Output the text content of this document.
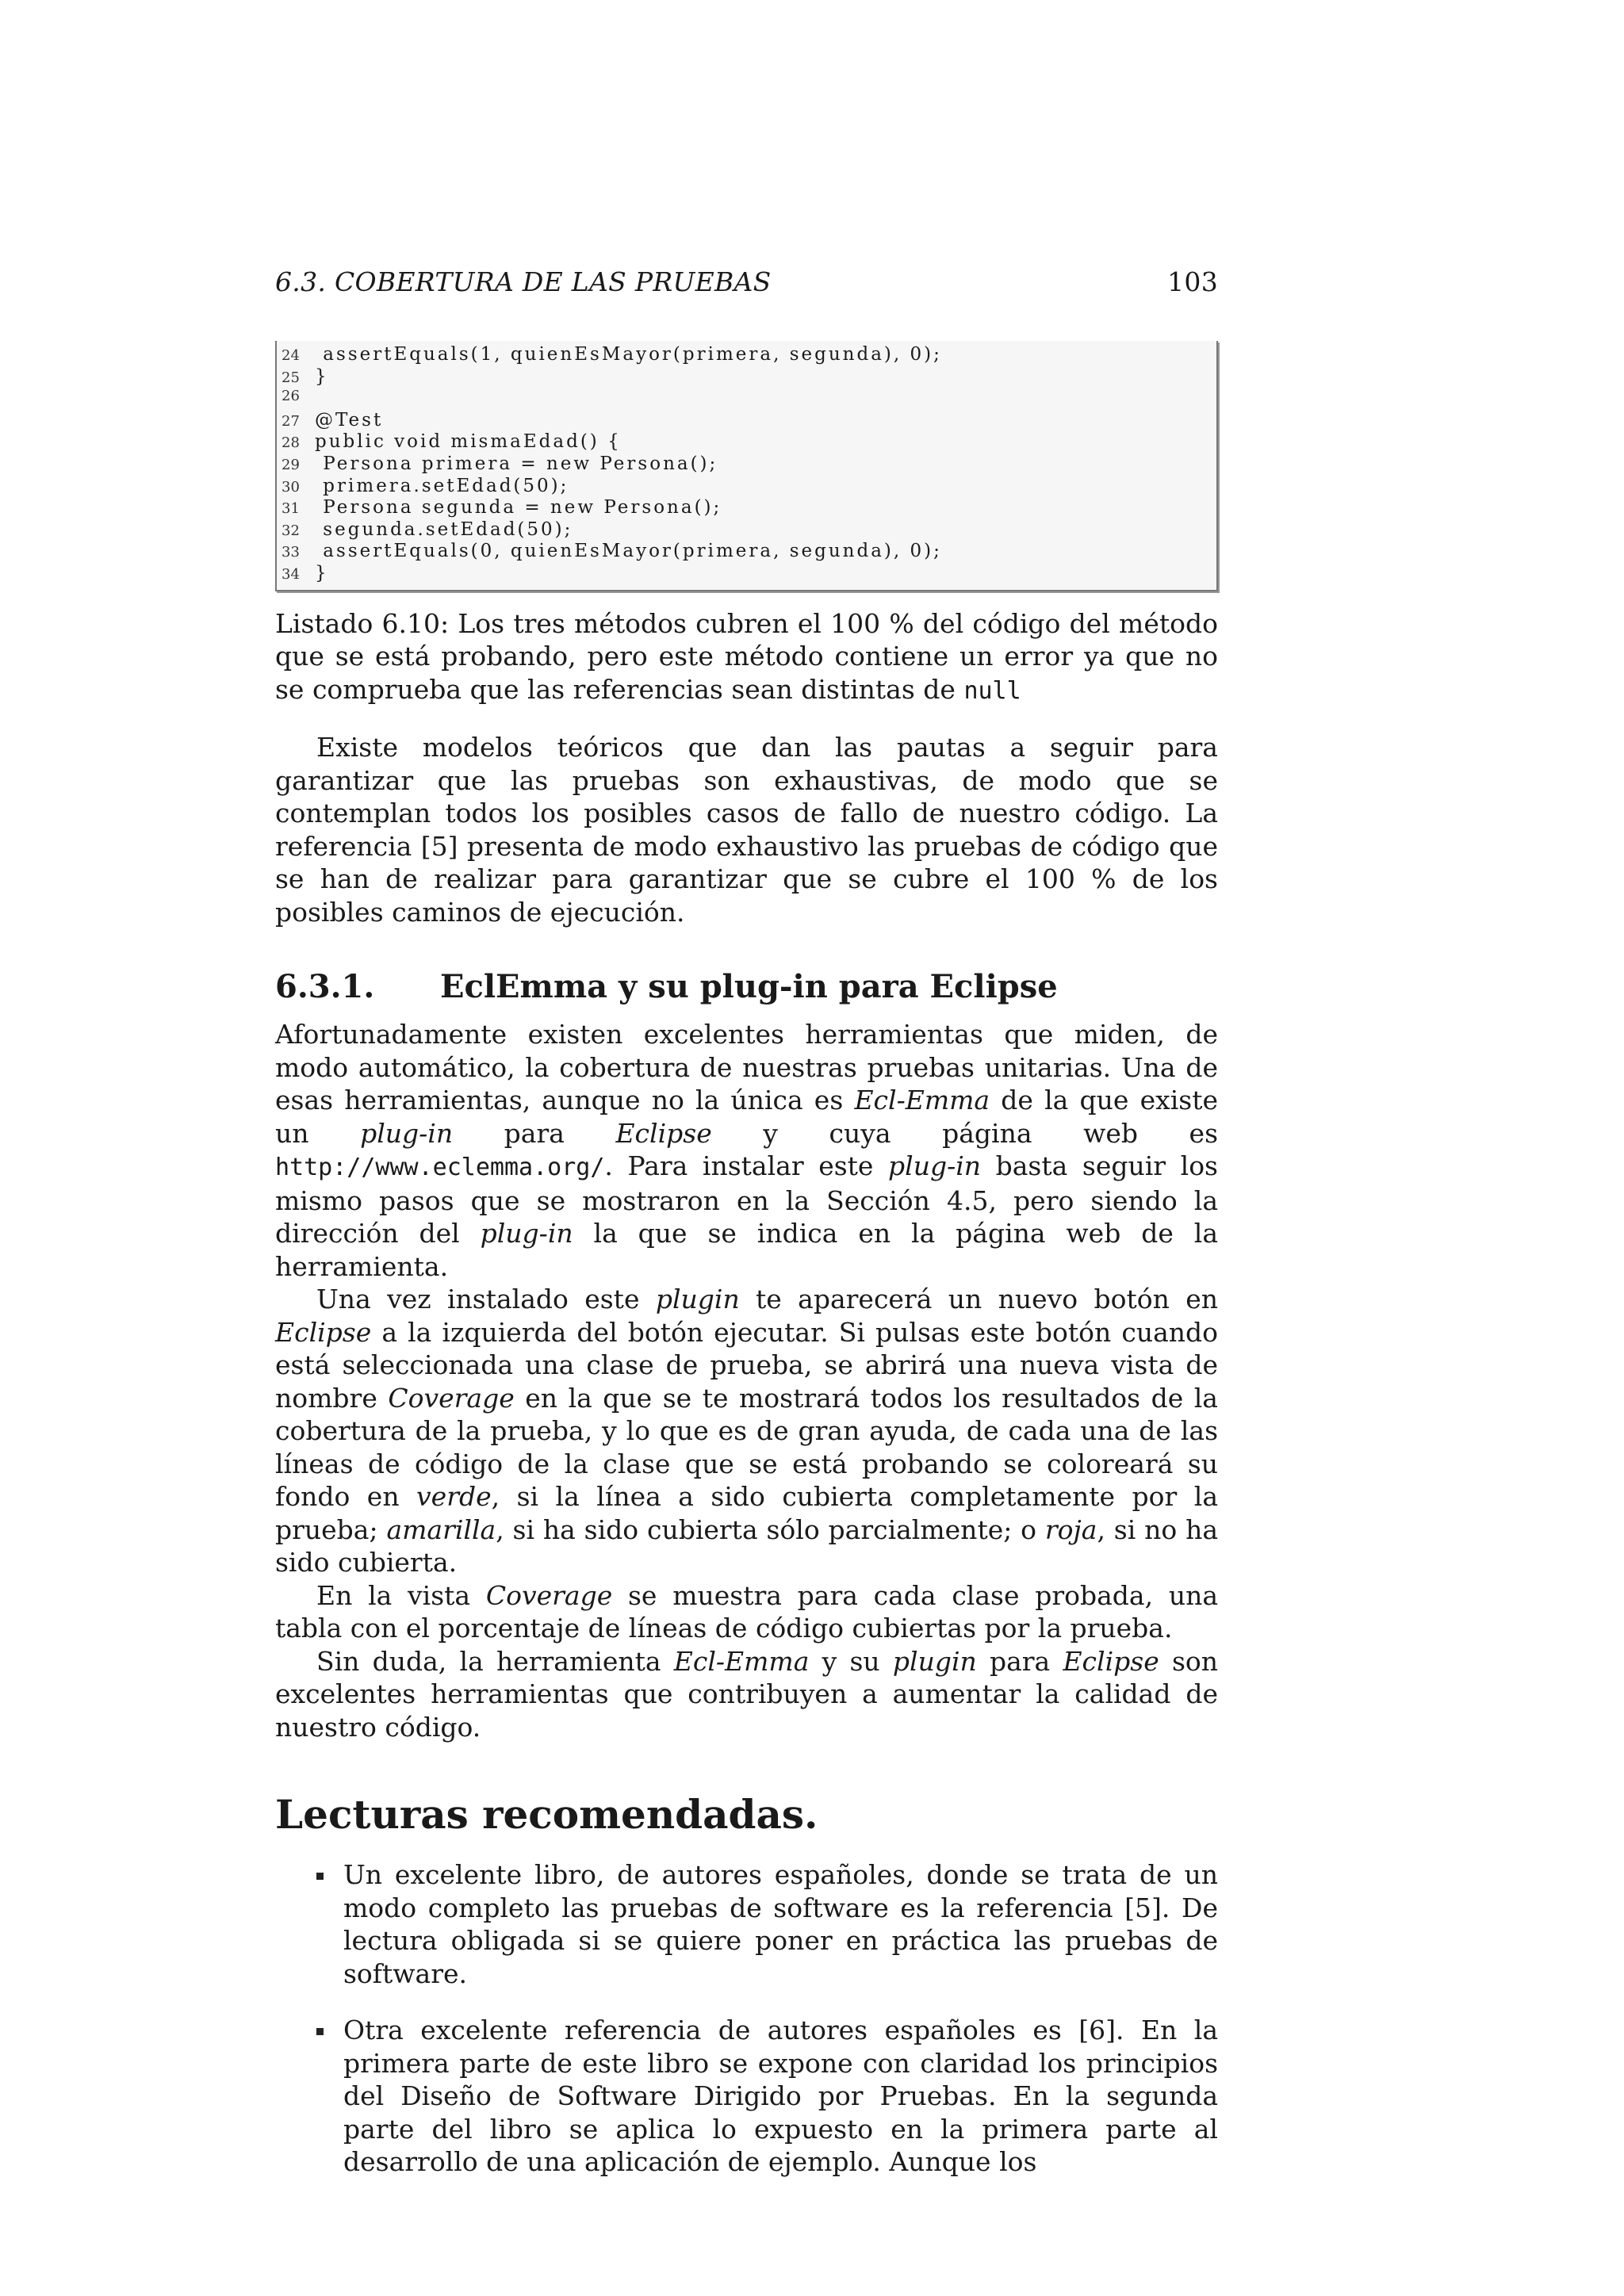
6.3. COBERTURA DE LAS PRUEBAS	103
24 assertEquals(1, quienEsMayor(primera, segunda), 0);
25 }
26
27 @Test
28 public void mismaEdad() {
29 Persona primera = new Persona();
30 primera.setEdad(50);
31 Persona segunda = new Persona();
32 segunda.setEdad(50);
33 assertEquals(0, quienEsMayor(primera, segunda), 0);
34 }
Listado 6.10: Los tres métodos cubren el 100 % del código del método que se está probando, pero este método contiene un error ya que no se comprueba que las referencias sean distintas de null

Existe modelos teóricos que dan las pautas a seguir para garantizar que las pruebas son exhaustivas, de modo que se contemplan todos los posibles casos de fallo de nuestro código. La referencia [5] presenta de modo exhaustivo las pruebas de código que se han de realizar para garantizar que se cubre el 100 % de los posibles caminos de ejecución.

6.3.1.	EclEmma y su plug-in para Eclipse

Afortunadamente existen excelentes herramientas que miden, de modo automático, la cobertura de nuestras pruebas unitarias. Una de esas herramientas, aunque no la única es Ecl-Emma de la que existe un plug-in para Eclipse y cuya página web es http://www.eclemma.org/. Para instalar este plug-in basta seguir los mismo pasos que se mostraron en la Sección 4.5, pero siendo la dirección del plug-in la que se indica en la página web de la herramienta.

Una vez instalado este plugin te aparecerá un nuevo botón en Eclipse a la izquierda del botón ejecutar. Si pulsas este botón cuando está seleccionada una clase de prueba, se abrirá una nueva vista de nombre Coverage en la que se te mostrará todos los resultados de la cobertura de la prueba, y lo que es de gran ayuda, de cada una de las líneas de código de la clase que se está probando se coloreará su fondo en verde, si la línea a sido cubierta completamente por la prueba; amarilla, si ha sido cubierta sólo parcialmente; o roja, si no ha sido cubierta.

En la vista Coverage se muestra para cada clase probada, una tabla con el porcentaje de líneas de código cubiertas por la prueba.

Sin duda, la herramienta Ecl-Emma y su plugin para Eclipse son excelentes herramientas que contribuyen a aumentar la calidad de nuestro código.

Lecturas recomendadas.

Un excelente libro, de autores españoles, donde se trata de un modo completo las pruebas de software es la referencia [5]. De lectura obligada si se quiere poner en práctica las pruebas de software.

Otra excelente referencia de autores españoles es [6]. En la primera parte de este libro se expone con claridad los principios del Diseño de Software Dirigido por Pruebas. En la segunda parte del libro se aplica lo expuesto en la primera parte al desarrollo de una aplicación de ejemplo. Aunque los
